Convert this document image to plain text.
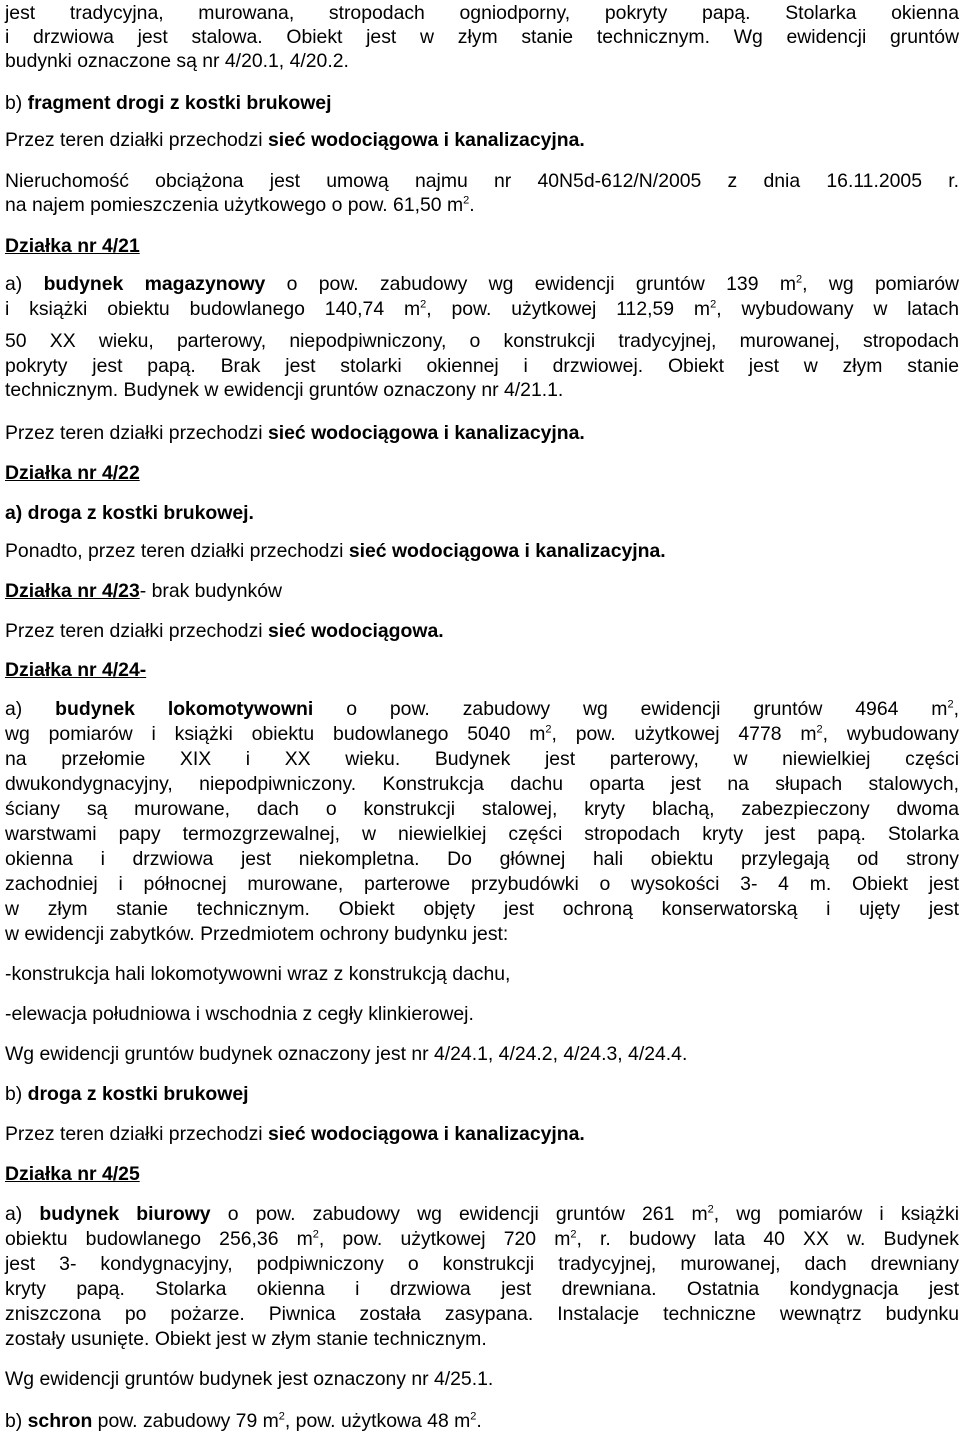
jest tradycyjna, murowana, stropodach ogniodporny, pokryty papą. Stolarka okienna
i drzwiowa jest stalowa. Obiekt jest w złym stanie technicznym. Wg ewidencji gruntów
budynki oznaczone są nr 4/20.1, 4/20.2.
b) fragment drogi z kostki brukowej
Przez teren działki przechodzi sieć wodociągowa i kanalizacyjna.
Nieruchomość obciążona jest umową najmu nr 40N5d-612/N/2005 z dnia 16.11.2005 r.
na najem pomieszczenia użytkowego o pow. 61,50 $m^2$.
Działka nr 4/21
a) budynek magazynowy o pow. zabudowy wg ewidencji gruntów 139 $m^2$, wg pomiarów
i książki obiektu budowlanego 140,74 $m^2$, pow. użytkowej 112,59 $m^2$, wybudowany w latach
50 XX wieku, parterowy, niepodpiwniczony, o konstrukcji tradycyjnej, murowanej, stropodach
pokryty jest papą. Brak jest stolarki okiennej i drzwiowej. Obiekt jest w złym stanie
technicznym. Budynek w ewidencji gruntów oznaczony nr 4/21.1.
Przez teren działki przechodzi sieć wodociągowa i kanalizacyjna.
Działka nr 4/22
a) droga z kostki brukowej.
Ponadto, przez teren działki przechodzi sieć wodociągowa i kanalizacyjna.
Działka nr 4/23- brak budynków
Przez teren działki przechodzi sieć wodociągowa.
Działka nr 4/24-
a) budynek lokomotywowni o pow. zabudowy wg ewidencji gruntów 4964 $m^2$,
wg pomiarów i książki obiektu budowlanego 5040 $m^2$, pow. użytkowej 4778 $m^2$, wybudowany
na przełomie XIX i XX wieku. Budynek jest parterowy, w niewielkiej części
dwukondygnacyjny, niepodpiwniczony. Konstrukcja dachu oparta jest na słupach stalowych,
ściany są murowane, dach o konstrukcji stalowej, kryty blachą, zabezpieczony dwoma
warstwami papy termozgrzewalnej, w niewielkiej części stropodach kryty jest papą. Stolarka
okienna i drzwiowa jest niekompletna. Do głównej hali obiektu przylegają od strony
zachodniej i północnej murowane, parterowe przybudówki o wysokości 3- 4 m. Obiekt jest
w złym stanie technicznym. Obiekt objęty jest ochroną konserwatorską i ujęty jest
w ewidencji zabytków. Przedmiotem ochrony budynku jest:
-konstrukcja hali lokomotywowni wraz z konstrukcją dachu,
-elewacja południowa i wschodnia z cegły klinkierowej.
Wg ewidencji gruntów budynek oznaczony jest nr 4/24.1, 4/24.2, 4/24.3, 4/24.4.
b) droga z kostki brukowej
Przez teren działki przechodzi sieć wodociągowa i kanalizacyjna.
Działka nr 4/25
a) budynek biurowy o pow. zabudowy wg ewidencji gruntów 261 $m^2$, wg pomiarów i książki
obiektu budowlanego 256,36 $m^2$, pow. użytkowej 720 $m^2$, r. budowy lata 40 XX w. Budynek
jest 3- kondygnacyjny, podpiwniczony o konstrukcji tradycyjnej, murowanej, dach drewniany
kryty papą. Stolarka okienna i drzwiowa jest drewniana. Ostatnia kondygnacja jest
zniszczona po pożarze. Piwnica została zasypana. Instalacje techniczne wewnątrz budynku
zostały usunięte. Obiekt jest w złym stanie technicznym.
Wg ewidencji gruntów budynek jest oznaczony nr 4/25.1.
b) schron pow. zabudowy 79 $m^2$, pow. użytkowa 48 $m^2$.
